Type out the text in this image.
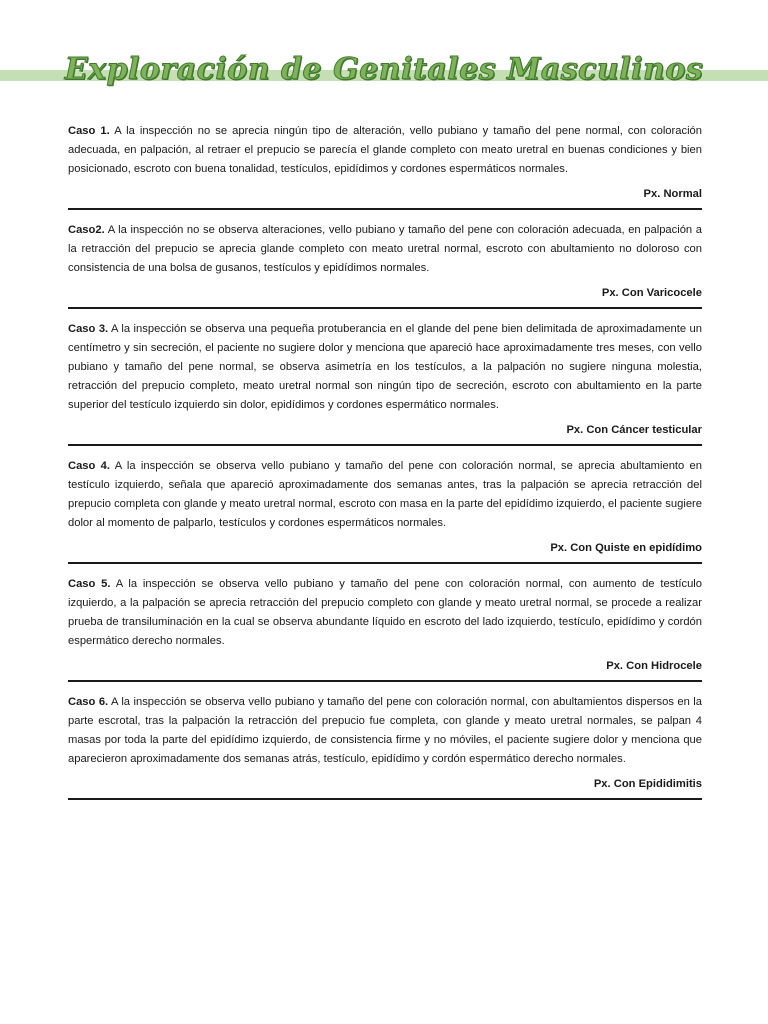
Exploración de Genitales Masculinos

Caso 1. A la inspección no se aprecia ningún tipo de alteración, vello pubiano y tamaño del pene normal, con coloración adecuada, en palpación, al retraer el prepucio se parecía el glande completo con meato uretral en buenas condiciones y bien posicionado, escroto con buena tonalidad, testículos, epidídimos y cordones espermáticos normales.

Px. Normal

Caso2. A la inspección no se observa alteraciones, vello pubiano y tamaño del pene con coloración adecuada, en palpación a la retracción del prepucio se aprecia glande completo con meato uretral normal, escroto con abultamiento no doloroso con consistencia de una bolsa de gusanos, testículos y epidídimos normales.

Px. Con Varicocele

Caso 3. A la inspección se observa una pequeña protuberancia en el glande del pene bien delimitada de aproximadamente un centímetro y sin secreción, el paciente no sugiere dolor y menciona que apareció hace aproximadamente tres meses, con vello pubiano y tamaño del pene normal, se observa asimetría en los testículos, a la palpación no sugiere ninguna molestia, retracción del prepucio completo, meato uretral normal son ningún tipo de secreción, escroto con abultamiento en la parte superior del testículo izquierdo sin dolor, epidídimos y cordones espermático normales.

Px. Con Cáncer testicular

Caso 4. A la inspección se observa vello pubiano y tamaño del pene con coloración normal, se aprecia abultamiento en testículo izquierdo, señala que apareció aproximadamente dos semanas antes, tras la palpación se aprecia retracción del prepucio completa con glande y meato uretral normal, escroto con masa en la parte del epidídimo izquierdo, el paciente sugiere dolor al momento de palparlo, testículos y cordones espermáticos normales.

Px. Con Quiste en epidídimo

Caso 5. A la inspección se observa vello pubiano y tamaño del pene con coloración normal, con aumento de testículo izquierdo, a la palpación se aprecia retracción del prepucio completo con glande y meato uretral normal, se procede a realizar prueba de transiluminación en la cual se observa abundante líquido en escroto del lado izquierdo, testículo, epidídimo y cordón espermático derecho normales.

Px. Con Hidrocele

Caso 6. A la inspección se observa vello pubiano y tamaño del pene con coloración normal, con abultamientos dispersos en la parte escrotal, tras la palpación la retracción del prepucio fue completa, con glande y meato uretral normales, se palpan 4 masas por toda la parte del epidídimo izquierdo, de consistencia firme y no móviles, el paciente sugiere dolor y menciona que aparecieron aproximadamente dos semanas atrás, testículo, epidídimo y cordón espermático derecho normales.

Px. Con Epididimitis
